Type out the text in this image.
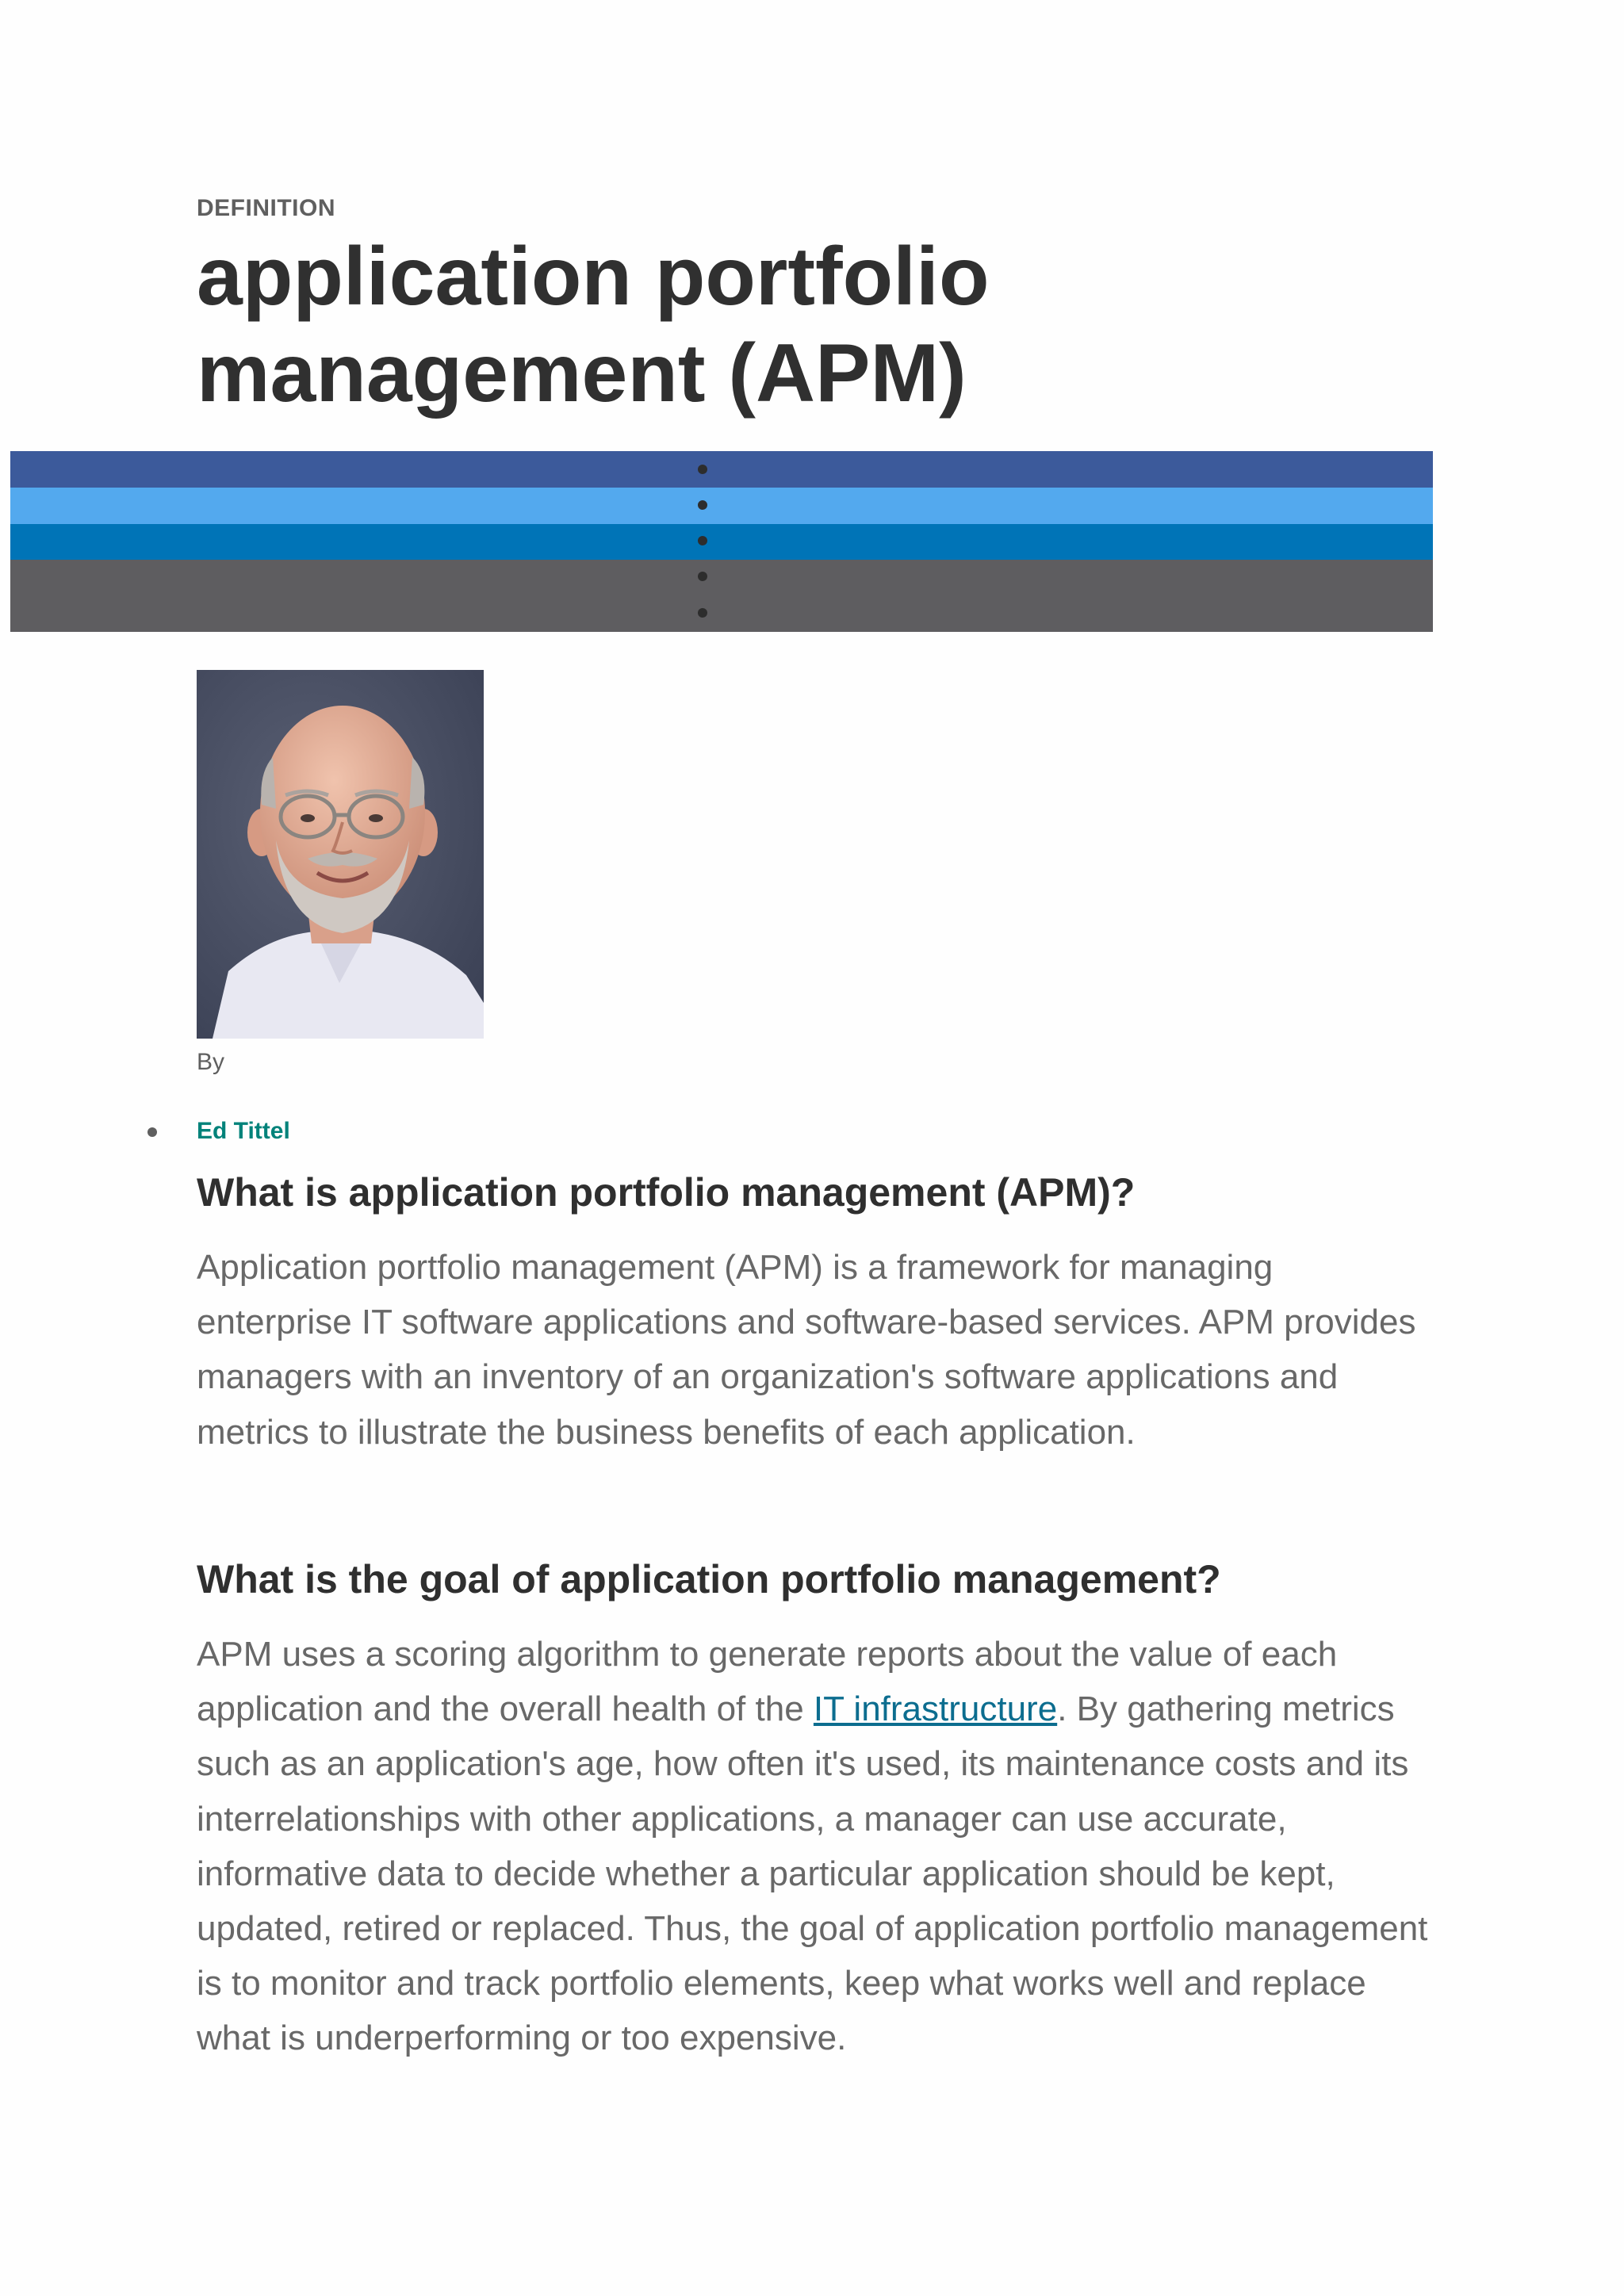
DEFINITION
application portfolio management (APM)
By
Ed Tittel
What is application portfolio management (APM)?

Application portfolio management (APM) is a framework for managing enterprise IT software applications and software-based services. APM provides managers with an inventory of an organization's software applications and metrics to illustrate the business benefits of each application.

What is the goal of application portfolio management?

APM uses a scoring algorithm to generate reports about the value of each application and the overall health of the IT infrastructure. By gathering metrics such as an application's age, how often it's used, its maintenance costs and its interrelationships with other applications, a manager can use accurate, informative data to decide whether a particular application should be kept, updated, retired or replaced. Thus, the goal of application portfolio management is to monitor and track portfolio elements, keep what works well and replace what is underperforming or too expensive.
